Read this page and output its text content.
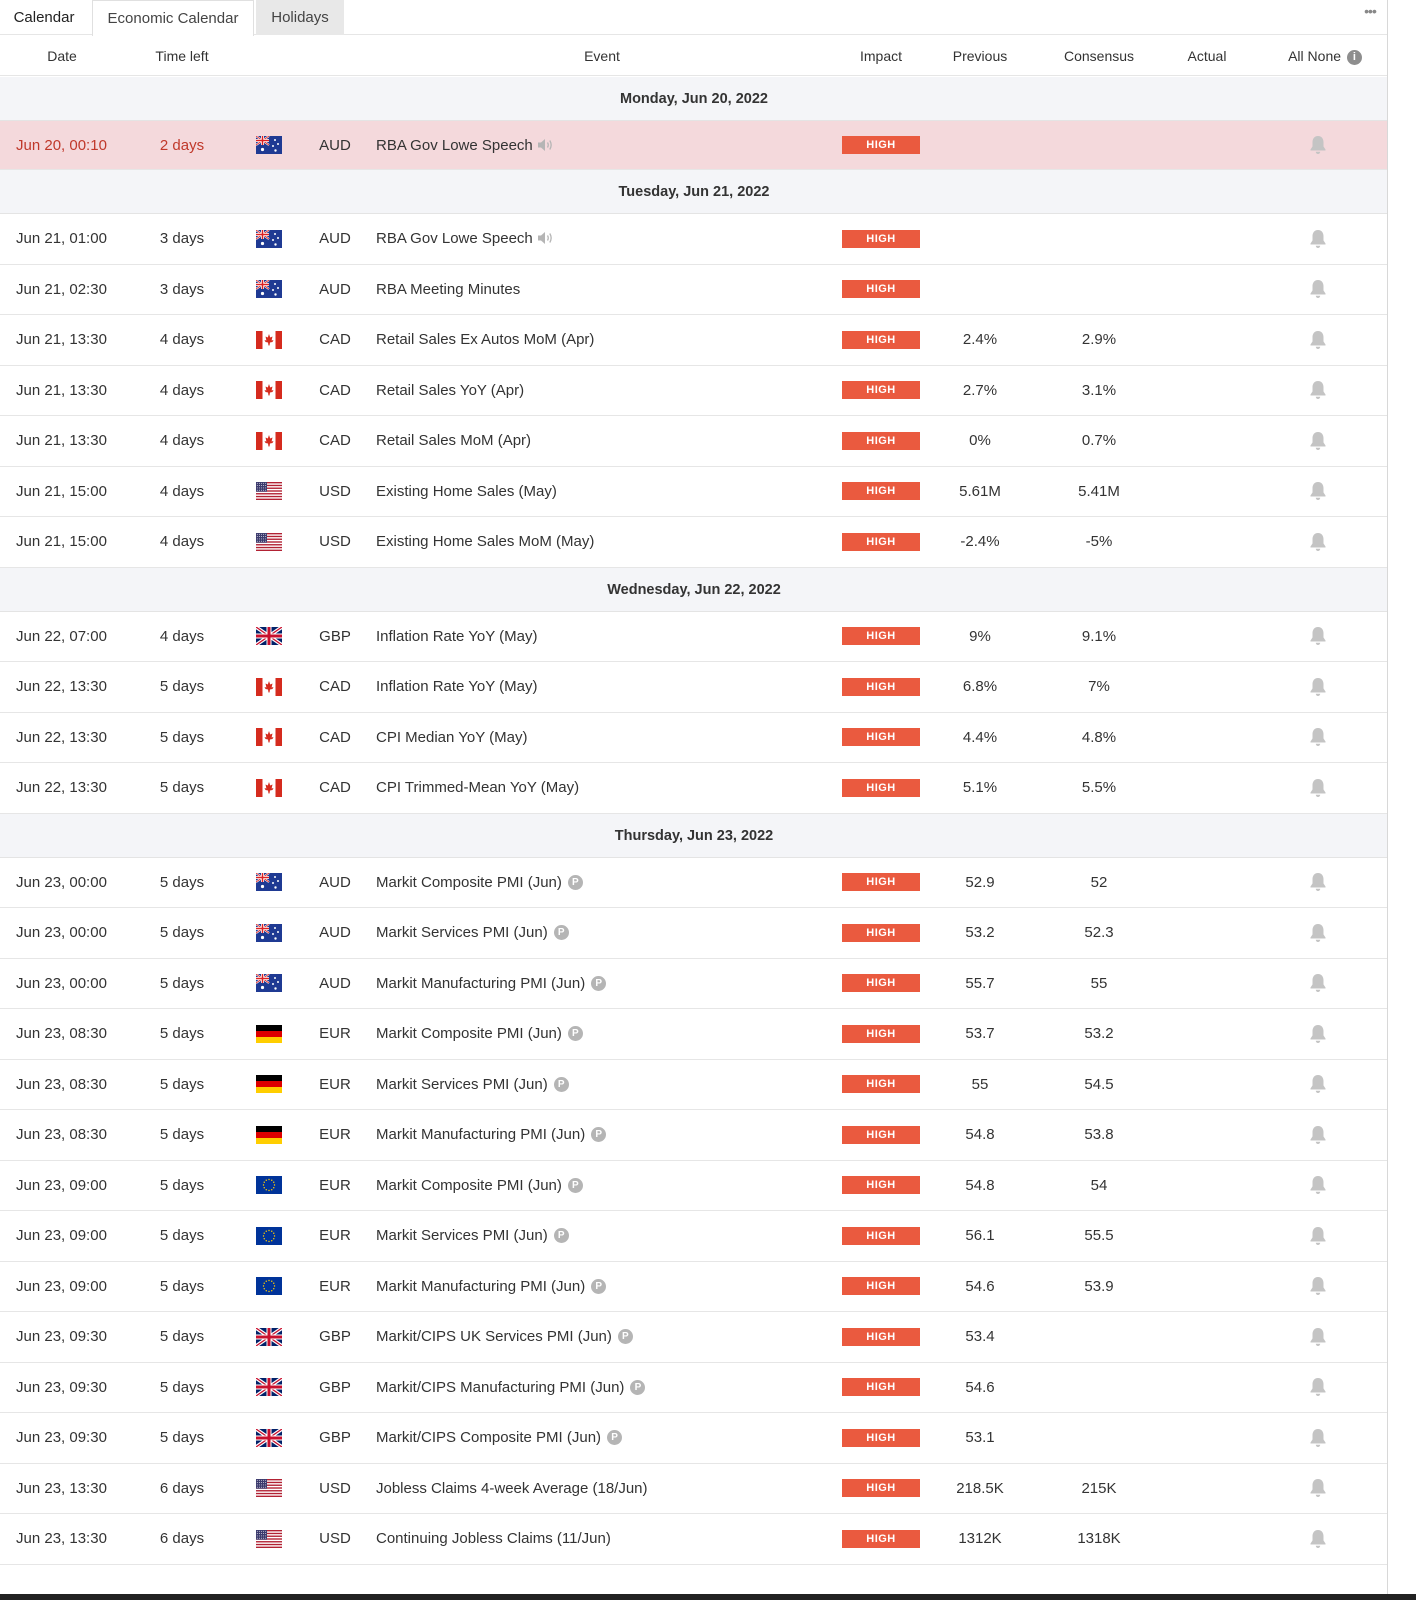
Calendar	Economic Calendar	Holidays	•••
Date	Time left	Event	Impact	Previous	Consensus	Actual	All None i
Monday, Jun 20, 2022
Jun 20, 00:10	2 days	AUD	RBA Gov Lowe Speech	HIGH
Tuesday, Jun 21, 2022
Jun 21, 01:00	3 days	AUD	RBA Gov Lowe Speech	HIGH
Jun 21, 02:30	3 days	AUD	RBA Meeting Minutes	HIGH
Jun 21, 13:30	4 days	CAD	Retail Sales Ex Autos MoM (Apr)	HIGH	2.4%	2.9%
Jun 21, 13:30	4 days	CAD	Retail Sales YoY (Apr)	HIGH	2.7%	3.1%
Jun 21, 13:30	4 days	CAD	Retail Sales MoM (Apr)	HIGH	0%	0.7%
Jun 21, 15:00	4 days	USD	Existing Home Sales (May)	HIGH	5.61M	5.41M
Jun 21, 15:00	4 days	USD	Existing Home Sales MoM (May)	HIGH	-2.4%	-5%
Wednesday, Jun 22, 2022
Jun 22, 07:00	4 days	GBP	Inflation Rate YoY (May)	HIGH	9%	9.1%
Jun 22, 13:30	5 days	CAD	Inflation Rate YoY (May)	HIGH	6.8%	7%
Jun 22, 13:30	5 days	CAD	CPI Median YoY (May)	HIGH	4.4%	4.8%
Jun 22, 13:30	5 days	CAD	CPI Trimmed-Mean YoY (May)	HIGH	5.1%	5.5%
Thursday, Jun 23, 2022
Jun 23, 00:00	5 days	AUD	Markit Composite PMI (Jun)	P	HIGH	52.9	52
Jun 23, 00:00	5 days	AUD	Markit Services PMI (Jun)	P	HIGH	53.2	52.3
Jun 23, 00:00	5 days	AUD	Markit Manufacturing PMI (Jun)	P	HIGH	55.7	55
Jun 23, 08:30	5 days	EUR	Markit Composite PMI (Jun)	P	HIGH	53.7	53.2
Jun 23, 08:30	5 days	EUR	Markit Services PMI (Jun)	P	HIGH	55	54.5
Jun 23, 08:30	5 days	EUR	Markit Manufacturing PMI (Jun)	P	HIGH	54.8	53.8
Jun 23, 09:00	5 days	EUR	Markit Composite PMI (Jun)	P	HIGH	54.8	54
Jun 23, 09:00	5 days	EUR	Markit Services PMI (Jun)	P	HIGH	56.1	55.5
Jun 23, 09:00	5 days	EUR	Markit Manufacturing PMI (Jun)	P	HIGH	54.6	53.9
Jun 23, 09:30	5 days	GBP	Markit/CIPS UK Services PMI (Jun)	P	HIGH	53.4
Jun 23, 09:30	5 days	GBP	Markit/CIPS Manufacturing PMI (Jun)	P	HIGH	54.6
Jun 23, 09:30	5 days	GBP	Markit/CIPS Composite PMI (Jun)	P	HIGH	53.1
Jun 23, 13:30	6 days	USD	Jobless Claims 4-week Average (18/Jun)	HIGH	218.5K	215K
Jun 23, 13:30	6 days	USD	Continuing Jobless Claims (11/Jun)	HIGH	1312K	1318K
